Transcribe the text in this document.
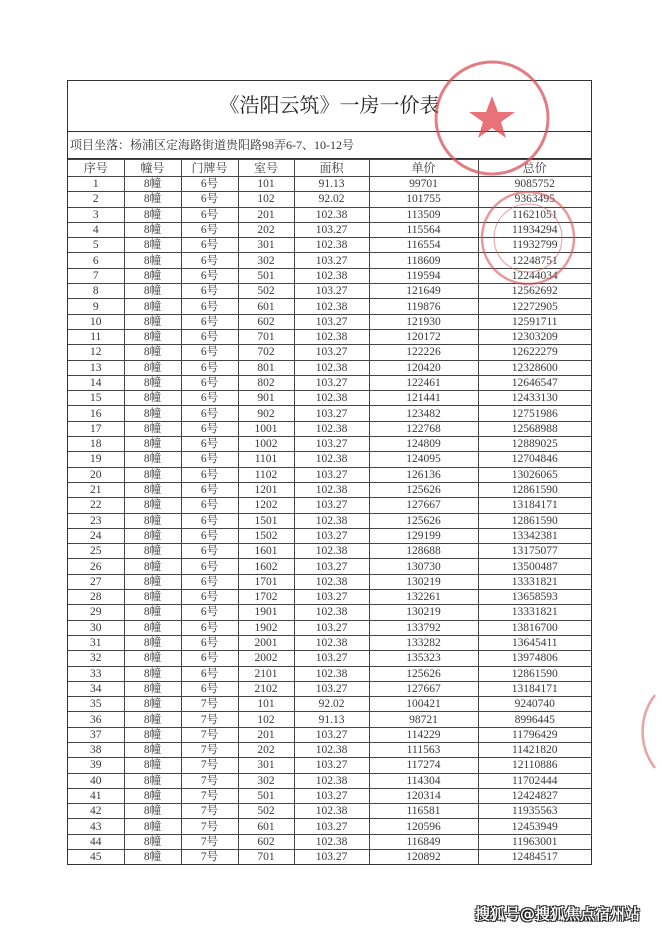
《浩阳云筑》一房一价表
项目坐落：杨浦区定海路街道贵阳路98弄6-7、10-12号
序号	幢号	门牌号	室号	面积	单价	总价
1	8幢	6号	101	91.13	99701	9085752
2	8幢	6号	102	92.02	101755	9363495
3	8幢	6号	201	102.38	113509	11621051
4	8幢	6号	202	103.27	115564	11934294
5	8幢	6号	301	102.38	116554	11932799
6	8幢	6号	302	103.27	118609	12248751
7	8幢	6号	501	102.38	119594	12244034
8	8幢	6号	502	103.27	121649	12562692
9	8幢	6号	601	102.38	119876	12272905
10	8幢	6号	602	103.27	121930	12591711
11	8幢	6号	701	102.38	120172	12303209
12	8幢	6号	702	103.27	122226	12622279
13	8幢	6号	801	102.38	120420	12328600
14	8幢	6号	802	103.27	122461	12646547
15	8幢	6号	901	102.38	121441	12433130
16	8幢	6号	902	103.27	123482	12751986
17	8幢	6号	1001	102.38	122768	12568988
18	8幢	6号	1002	103.27	124809	12889025
19	8幢	6号	1101	102.38	124095	12704846
20	8幢	6号	1102	103.27	126136	13026065
21	8幢	6号	1201	102.38	125626	12861590
22	8幢	6号	1202	103.27	127667	13184171
23	8幢	6号	1501	102.38	125626	12861590
24	8幢	6号	1502	103.27	129199	13342381
25	8幢	6号	1601	102.38	128688	13175077
26	8幢	6号	1602	103.27	130730	13500487
27	8幢	6号	1701	102.38	130219	13331821
28	8幢	6号	1702	103.27	132261	13658593
29	8幢	6号	1901	102.38	130219	13331821
30	8幢	6号	1902	103.27	133792	13816700
31	8幢	6号	2001	102.38	133282	13645411
32	8幢	6号	2002	103.27	135323	13974806
33	8幢	6号	2101	102.38	125626	12861590
34	8幢	6号	2102	103.27	127667	13184171
35	8幢	7号	101	92.02	100421	9240740
36	8幢	7号	102	91.13	98721	8996445
37	8幢	7号	201	103.27	114229	11796429
38	8幢	7号	202	102.38	111563	11421820
39	8幢	7号	301	103.27	117274	12110886
40	8幢	7号	302	102.38	114304	11702444
41	8幢	7号	501	103.27	120314	12424827
42	8幢	7号	502	102.38	116581	11935563
43	8幢	7号	601	103.27	120596	12453949
44	8幢	7号	602	102.38	116849	11963001
45	8幢	7号	701	103.27	120892	12484517
搜狐号@搜狐焦点宿州站
